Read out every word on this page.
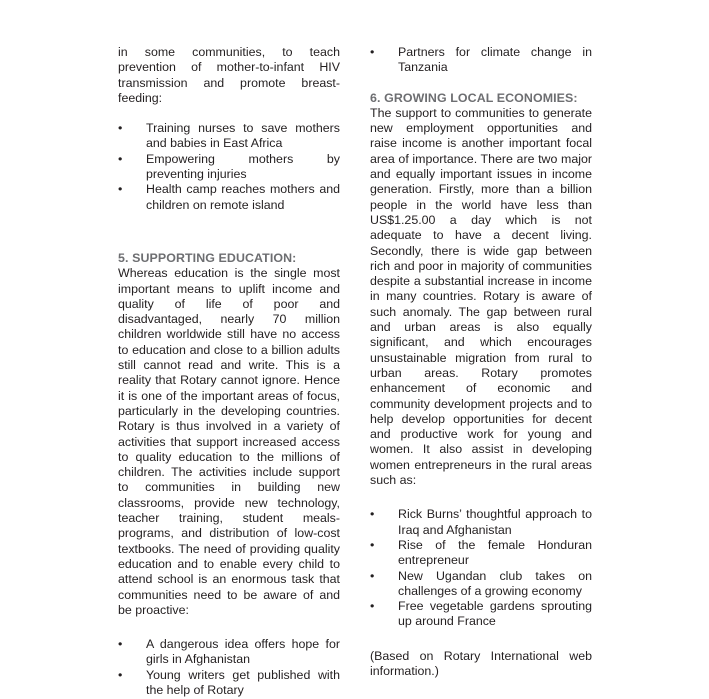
in some communities, to teach prevention of mother-to-infant HIV transmission and promote breast-feeding:

• Training nurses to save mothers and babies in East Africa
• Empowering mothers by preventing injuries
• Health camp reaches mothers and children on remote island

5. SUPPORTING EDUCATION:

Whereas education is the single most important means to uplift income and quality of life of poor and disadvantaged, nearly 70 million children worldwide still have no access to education and close to a billion adults still cannot read and write. This is a reality that Rotary cannot ignore. Hence it is one of the important areas of focus, particularly in the developing countries. Rotary is thus involved in a variety of activities that support increased access to quality education to the millions of children. The activities include support to communities in building new classrooms, provide new technology, teacher training, student meals-programs, and distribution of low-cost textbooks. The need of providing quality education and to enable every child to attend school is an enormous task that communities need to be aware of and be proactive:

• A dangerous idea offers hope for girls in Afghanistan
• Young writers get published with the help of Rotary
• Partners for climate change in Tanzania

6. GROWING LOCAL ECONOMIES:

The support to communities to generate new employment opportunities and raise income is another important focal area of importance. There are two major and equally important issues in income generation. Firstly, more than a billion people in the world have less than US$1.25.00 a day which is not adequate to have a decent living. Secondly, there is wide gap between rich and poor in majority of communities despite a substantial increase in income in many countries. Rotary is aware of such anomaly. The gap between rural and urban areas is also equally significant, and which encourages unsustainable migration from rural to urban areas. Rotary promotes enhancement of economic and community development projects and to help develop opportunities for decent and productive work for young and women. It also assist in developing women entrepreneurs in the rural areas such as:

• Rick Burns’ thoughtful approach to Iraq and Afghanistan
• Rise of the female Honduran entrepreneur
• New Ugandan club takes on challenges of a growing economy
• Free vegetable gardens sprouting up around France

(Based on Rotary International web information.)
